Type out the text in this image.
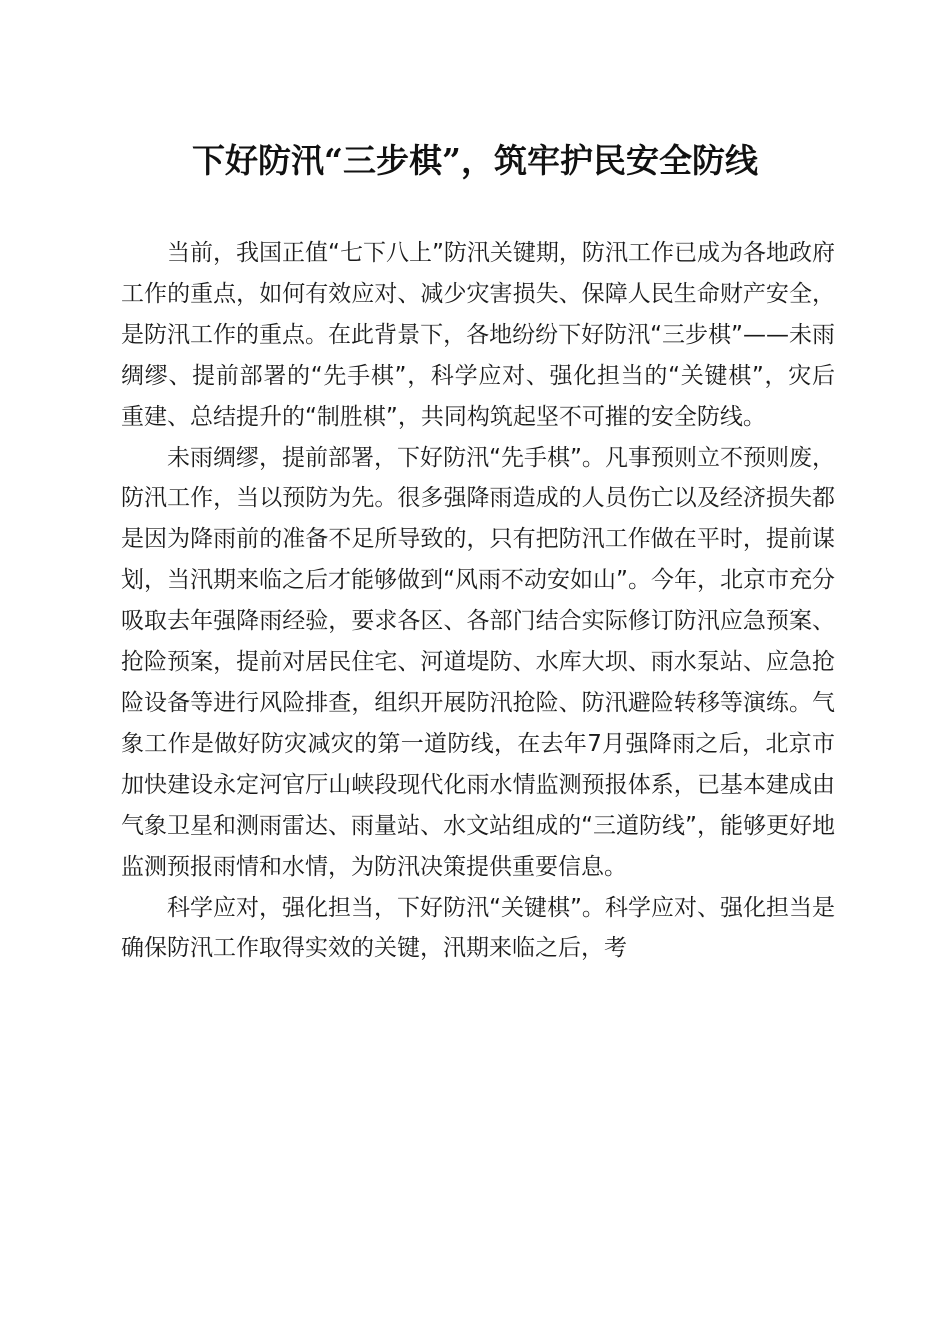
下好防汛“三步棋”，筑牢护民安全防线

当前，我国正值“七下八上”防汛关键期，防汛工作已成为各地政府工作的重点，如何有效应对、减少灾害损失、保障人民生命财产安全，是防汛工作的重点。在此背景下，各地纷纷下好防汛“三步棋”——未雨绸缪、提前部署的“先手棋”，科学应对、强化担当的“关键棋”，灾后重建、总结提升的“制胜棋”，共同构筑起坚不可摧的安全防线。

未雨绸缪，提前部署，下好防汛“先手棋”。凡事预则立不预则废，防汛工作，当以预防为先。很多强降雨造成的人员伤亡以及经济损失都是因为降雨前的准备不足所导致的，只有把防汛工作做在平时，提前谋划，当汛期来临之后才能够做到“风雨不动安如山”。今年，北京市充分吸取去年强降雨经验，要求各区、各部门结合实际修订防汛应急预案、抢险预案，提前对居民住宅、河道堤防、水库大坝、雨水泵站、应急抢险设备等进行风险排查，组织开展防汛抢险、防汛避险转移等演练。气象工作是做好防灾减灾的第一道防线，在去年7月强降雨之后，北京市加快建设永定河官厅山峡段现代化雨水情监测预报体系，已基本建成由气象卫星和测雨雷达、雨量站、水文站组成的“三道防线”，能够更好地监测预报雨情和水情，为防汛决策提供重要信息。

科学应对，强化担当，下好防汛“关键棋”。科学应对、强化担当是确保防汛工作取得实效的关键，汛期来临之后，考
